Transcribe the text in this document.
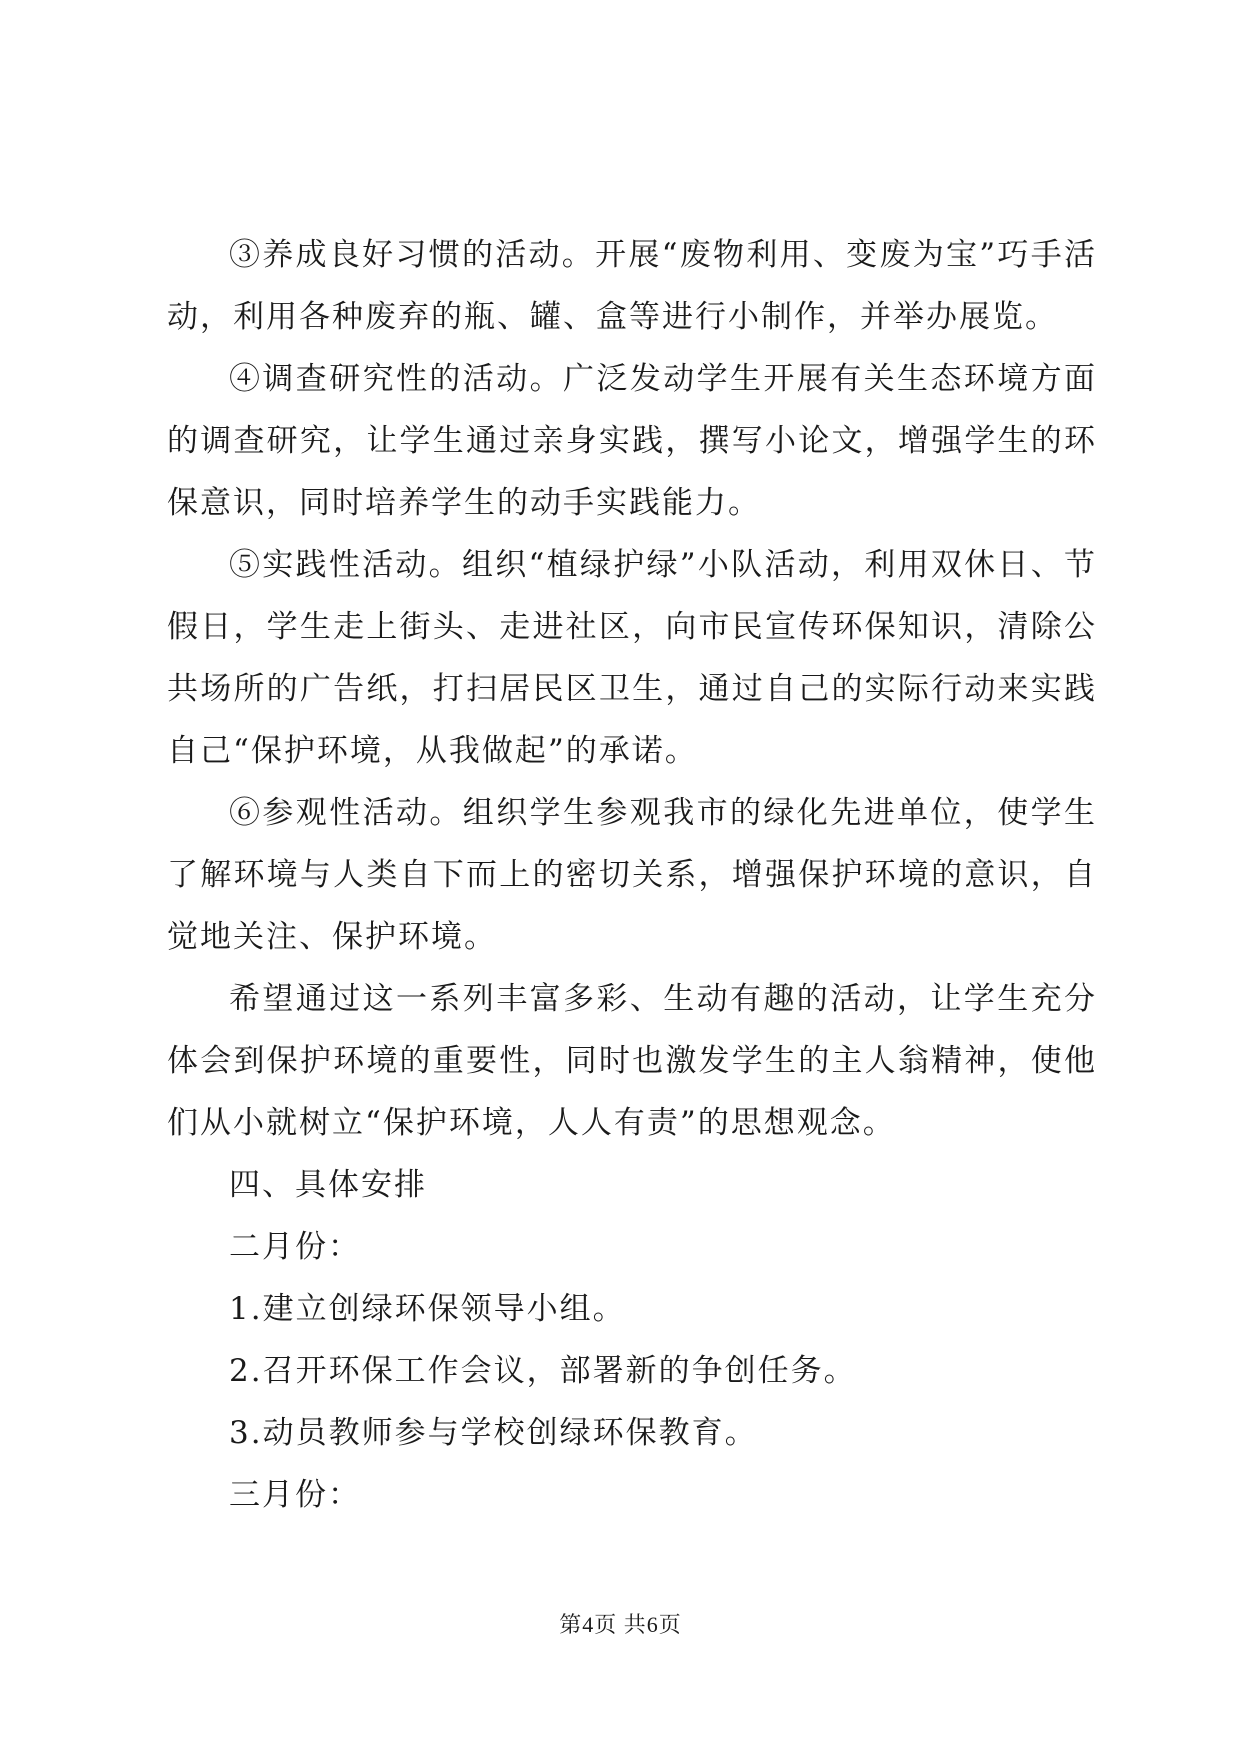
③养成良好习惯的活动。开展“废物利用、变废为宝”巧手活动，利用各种废弃的瓶、罐、盒等进行小制作，并举办展览。

④调查研究性的活动。广泛发动学生开展有关生态环境方面的调查研究，让学生通过亲身实践，撰写小论文，增强学生的环保意识，同时培养学生的动手实践能力。

⑤实践性活动。组织“植绿护绿”小队活动，利用双休日、节假日，学生走上街头、走进社区，向市民宣传环保知识，清除公共场所的广告纸，打扫居民区卫生，通过自己的实际行动来实践自己“保护环境，从我做起”的承诺。

⑥参观性活动。组织学生参观我市的绿化先进单位，使学生了解环境与人类自下而上的密切关系，增强保护环境的意识，自觉地关注、保护环境。

希望通过这一系列丰富多彩、生动有趣的活动，让学生充分体会到保护环境的重要性，同时也激发学生的主人翁精神，使他们从小就树立“保护环境，人人有责”的思想观念。

四、具体安排

二月份：

1.建立创绿环保领导小组。

2.召开环保工作会议，部署新的争创任务。

3.动员教师参与学校创绿环保教育。

三月份：

第4页 共6页
